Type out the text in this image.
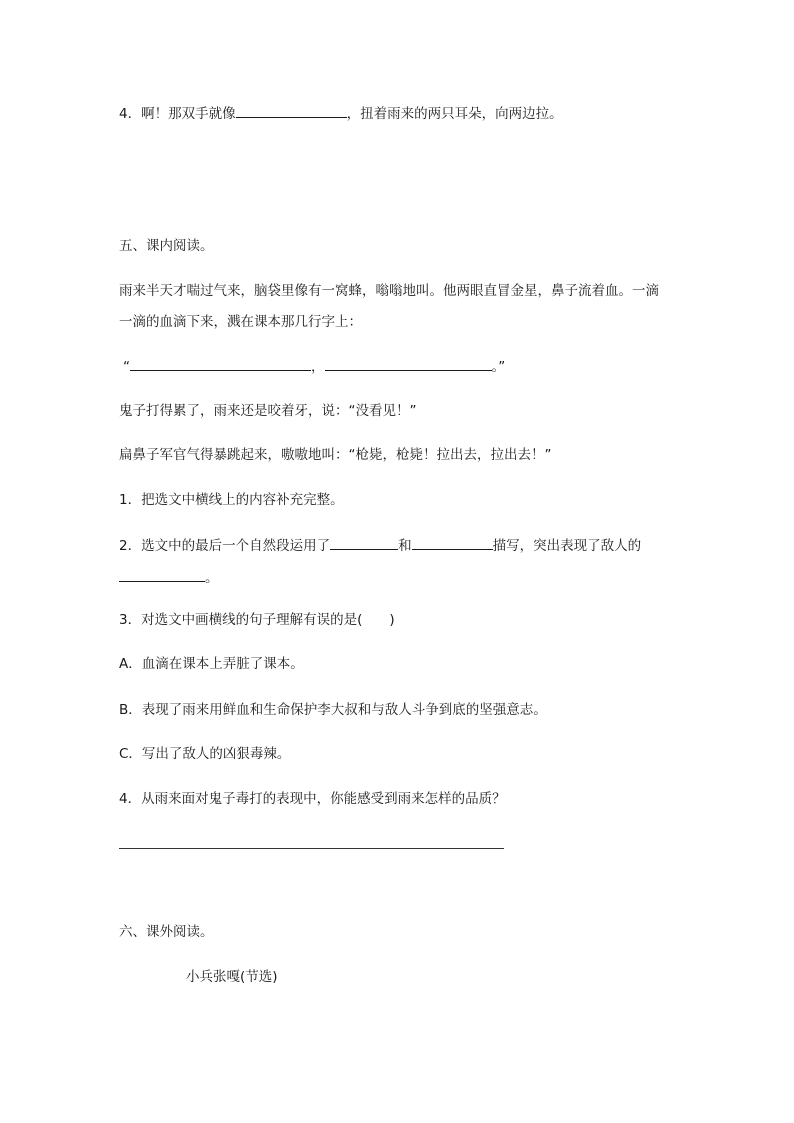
4．啊！那双手就像	，扭着雨来的两只耳朵，向两边拉。
五、课内阅读。
雨来半天才喘过气来，脑袋里像有一窝蜂，嗡嗡地叫。他两眼直冒金星，鼻子流着血。一滴
一滴的血滴下来，溅在课本那几行字上：
“	，	。”
鬼子打得累了，雨来还是咬着牙，说：“没看见！”
扁鼻子军官气得暴跳起来，嗷嗷地叫：“枪毙，枪毙！拉出去，拉出去！”
1．把选文中横线上的内容补充完整。
2．选文中的最后一个自然段运用了	和	描写，突出表现了敌人的
。
3．对选文中画横线的句子理解有误的是(　　)
A．血滴在课本上弄脏了课本。
B．表现了雨来用鲜血和生命保护李大叔和与敌人斗争到底的坚强意志。
C．写出了敌人的凶狠毒辣。
4．从雨来面对鬼子毒打的表现中，你能感受到雨来怎样的品质？
六、课外阅读。
小兵张嘎(节选)
